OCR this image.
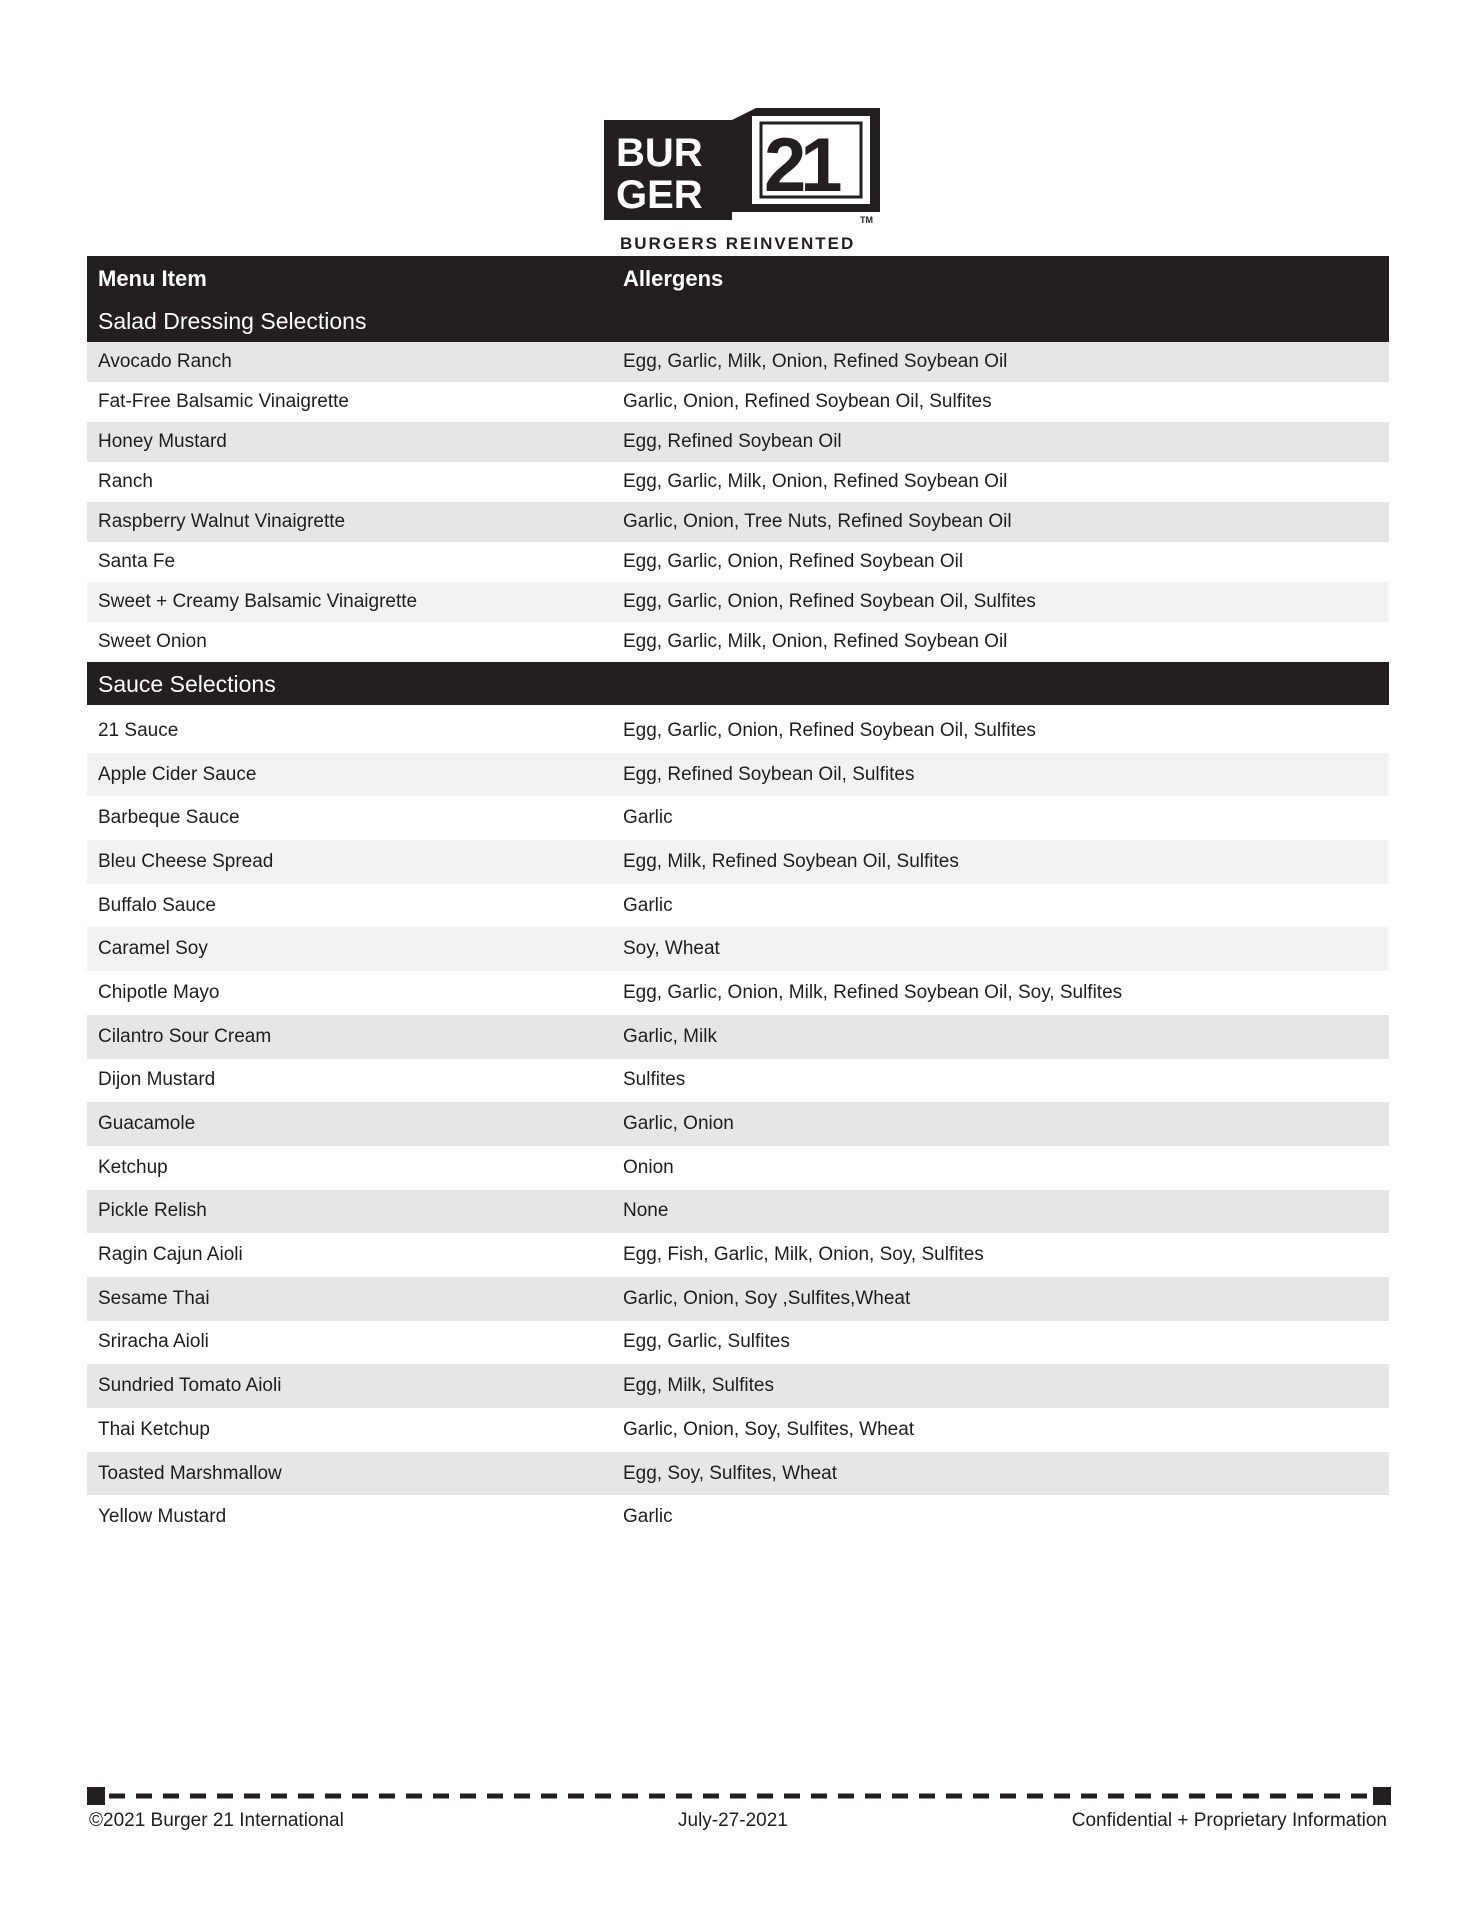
BUR
GER 21
TM
BURGERS REINVENTED
Menu Item	Allergens
Salad Dressing Selections
Avocado Ranch	Egg, Garlic, Milk, Onion, Refined Soybean Oil
Fat-Free Balsamic Vinaigrette	Garlic, Onion, Refined Soybean Oil, Sulfites
Honey Mustard	Egg, Refined Soybean Oil
Ranch	Egg, Garlic, Milk, Onion, Refined Soybean Oil
Raspberry Walnut Vinaigrette	Garlic, Onion, Tree Nuts, Refined Soybean Oil
Santa Fe	Egg, Garlic, Onion, Refined Soybean Oil
Sweet + Creamy Balsamic Vinaigrette	Egg, Garlic, Onion, Refined Soybean Oil, Sulfites
Sweet Onion	Egg, Garlic, Milk, Onion, Refined Soybean Oil
Sauce Selections
21 Sauce	Egg, Garlic, Onion, Refined Soybean Oil, Sulfites
Apple Cider Sauce	Egg, Refined Soybean Oil, Sulfites
Barbeque Sauce	Garlic
Bleu Cheese Spread	Egg, Milk, Refined Soybean Oil, Sulfites
Buffalo Sauce	Garlic
Caramel Soy	Soy, Wheat
Chipotle Mayo	Egg, Garlic, Onion, Milk, Refined Soybean Oil, Soy, Sulfites
Cilantro Sour Cream	Garlic, Milk
Dijon Mustard	Sulfites
Guacamole	Garlic, Onion
Ketchup	Onion
Pickle Relish	None
Ragin Cajun Aioli	Egg, Fish, Garlic, Milk, Onion, Soy, Sulfites
Sesame Thai	Garlic, Onion, Soy ,Sulfites,Wheat
Sriracha Aioli	Egg, Garlic, Sulfites
Sundried Tomato Aioli	Egg, Milk, Sulfites
Thai Ketchup	Garlic, Onion, Soy, Sulfites, Wheat
Toasted Marshmallow	Egg, Soy, Sulfites, Wheat
Yellow Mustard	Garlic
©2021 Burger 21 International	July-27-2021	Confidential + Proprietary Information
